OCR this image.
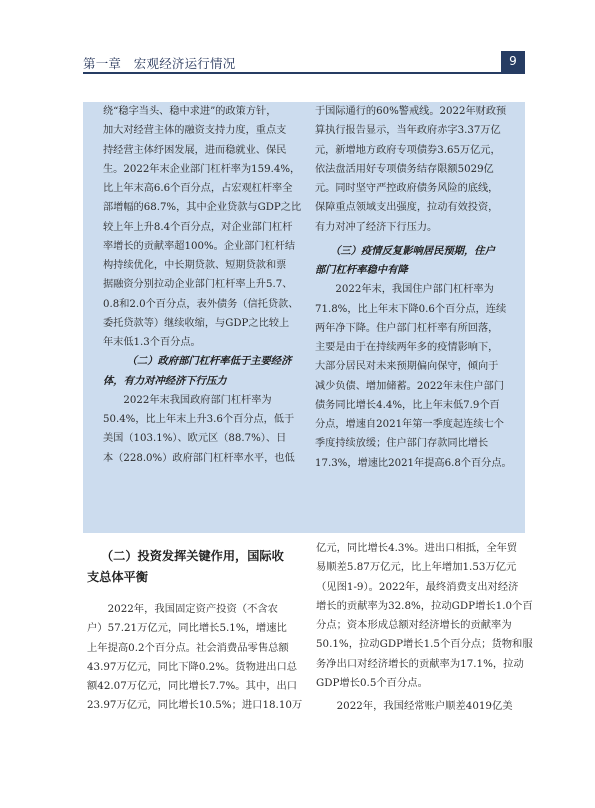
第一章　宏观经济运行情况	9

绕“稳字当头、稳中求进”的政策方针，
加大对经营主体的融资支持力度，重点支
持经营主体纾困发展，进而稳就业、保民
生。2022年末企业部门杠杆率为159.4%，
比上年末高6.6个百分点，占宏观杠杆率全
部增幅的68.7%，其中企业贷款与GDP之比
较上年上升8.4个百分点，对企业部门杠杆
率增长的贡献率超100%。企业部门杠杆结
构持续优化，中长期贷款、短期贷款和票
据融资分别拉动企业部门杠杆率上升5.7、
0.8和2.0个百分点，表外债务（信托贷款、
委托贷款等）继续收缩，与GDP之比较上
年末低1.3个百分点。

（二）政府部门杠杆率低于主要经济

体，有力对冲经济下行压力

2022年末我国政府部门杠杆率为
50.4%，比上年末上升3.6个百分点，低于
美国（103.1%）、欧元区（88.7%）、日
本（228.0%）政府部门杠杆率水平，也低

于国际通行的60%警戒线。2022年财政预
算执行报告显示，当年政府赤字3.37万亿
元，新增地方政府专项债券3.65万亿元，
依法盘活用好专项债务结存限额5029亿
元。同时坚守严控政府债务风险的底线，
保障重点领域支出强度，拉动有效投资，
有力对冲了经济下行压力。

（三）疫情反复影响居民预期，住户
部门杠杆率稳中有降

2022年末，我国住户部门杠杆率为
71.8%，比上年末下降0.6个百分点，连续
两年净下降。住户部门杠杆率有所回落，
主要是由于在持续两年多的疫情影响下，
大部分居民对未来预期偏向保守，倾向于
减少负债、增加储蓄。2022年末住户部门
债务同比增长4.4%，比上年末低7.9个百
分点，增速自2021年第一季度起连续七个
季度持续放缓；住户部门存款同比增长
17.3%，增速比2021年提高6.8个百分点。

（二）投资发挥关键作用，国际收
支总体平衡

2022年，我国固定资产投资（不含农
户）57.21万亿元，同比增长5.1%，增速比
上年提高0.2个百分点。社会消费品零售总额
43.97万亿元，同比下降0.2%。货物进出口总
额42.07万亿元，同比增长7.7%。其中，出口
23.97万亿元，同比增长10.5%；进口18.10万

亿元，同比增长4.3%。进出口相抵，全年贸
易顺差5.87万亿元，比上年增加1.53万亿元
（见图1-9）。2022年，最终消费支出对经济
增长的贡献率为32.8%，拉动GDP增长1.0个百
分点；资本形成总额对经济增长的贡献率为
50.1%，拉动GDP增长1.5个百分点；货物和服
务净出口对经济增长的贡献率为17.1%，拉动
GDP增长0.5个百分点。

2022年，我国经常账户顺差4019亿美
